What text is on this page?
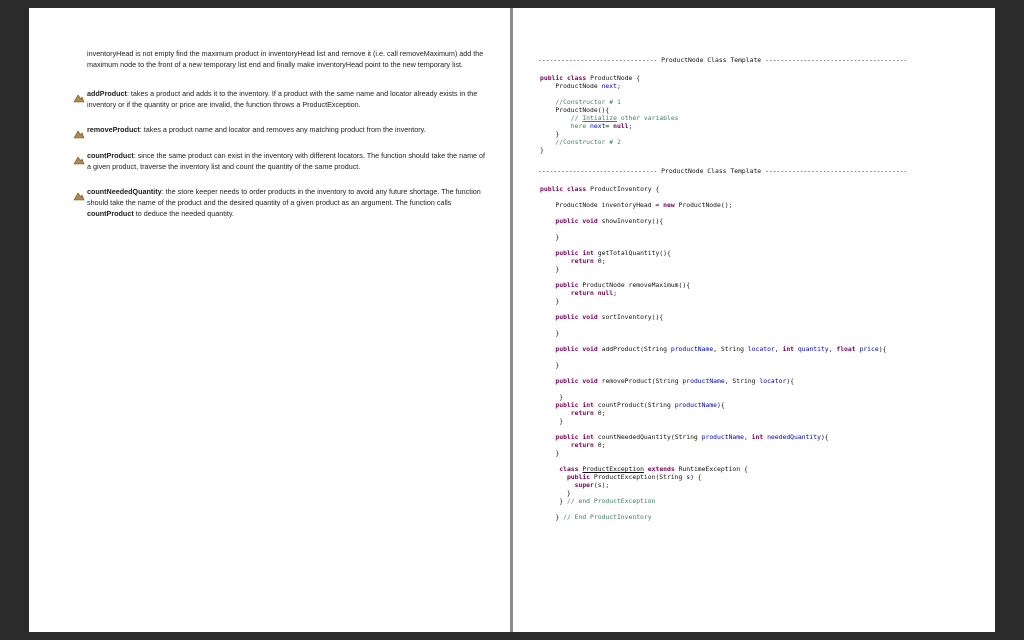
inventoryHead is not empty find the maximum product in inventoryHead list and remove it (i.e. call removeMaximum) add the maximum node to the front of a new temporary list end and finally make inventoryHead point to the new temporary list.

addProduct: takes a product and adds it to the inventory. If a product with the same name and locator already exists in the inventory or if the quantity or price are invalid, the function throws a ProductException.

removeProduct: takes a product name and locator and removes any matching product from the inventory.

countProduct: since the same product can exist in the inventory with different locators. The function should take the name of a given product, traverse the inventory list and count the quantity of the same product.

countNeededQuantity: the store keeper needs to order products in the inventory to avoid any future shortage. The function should take the name of the product and the desired quantity of a given product as an argument. The function calls countProduct to deduce the needed quantity.

------------------------------- ProductNode Class Template -------------------------------------
public class ProductNode {
ProductNode next;

//Constructor # 1
ProductNode(){
// Intialize other variables
here next= null;
}
//Constructor # 2
}
------------------------------- ProductNode Class Template -------------------------------------
public class ProductInventory {

ProductNode inventoryHead = new ProductNode();

public void showInventory(){

}

public int getTotalQuantity(){
return 0;
}

public ProductNode removeMaximum(){
return null;
}

public void sortInventory(){

}

public void addProduct(String productName, String locator, int quantity, float price){

}

public void removeProduct(String productName, String locator){

}
public int countProduct(String productName){
return 0;
}

public int countNeededQuantity(String productName, int neededQuantity){
return 0;
}

class ProductException extends RuntimeException {
public ProductException(String s) {
super(s);
}
} // end ProductException

} // End ProductInventory
